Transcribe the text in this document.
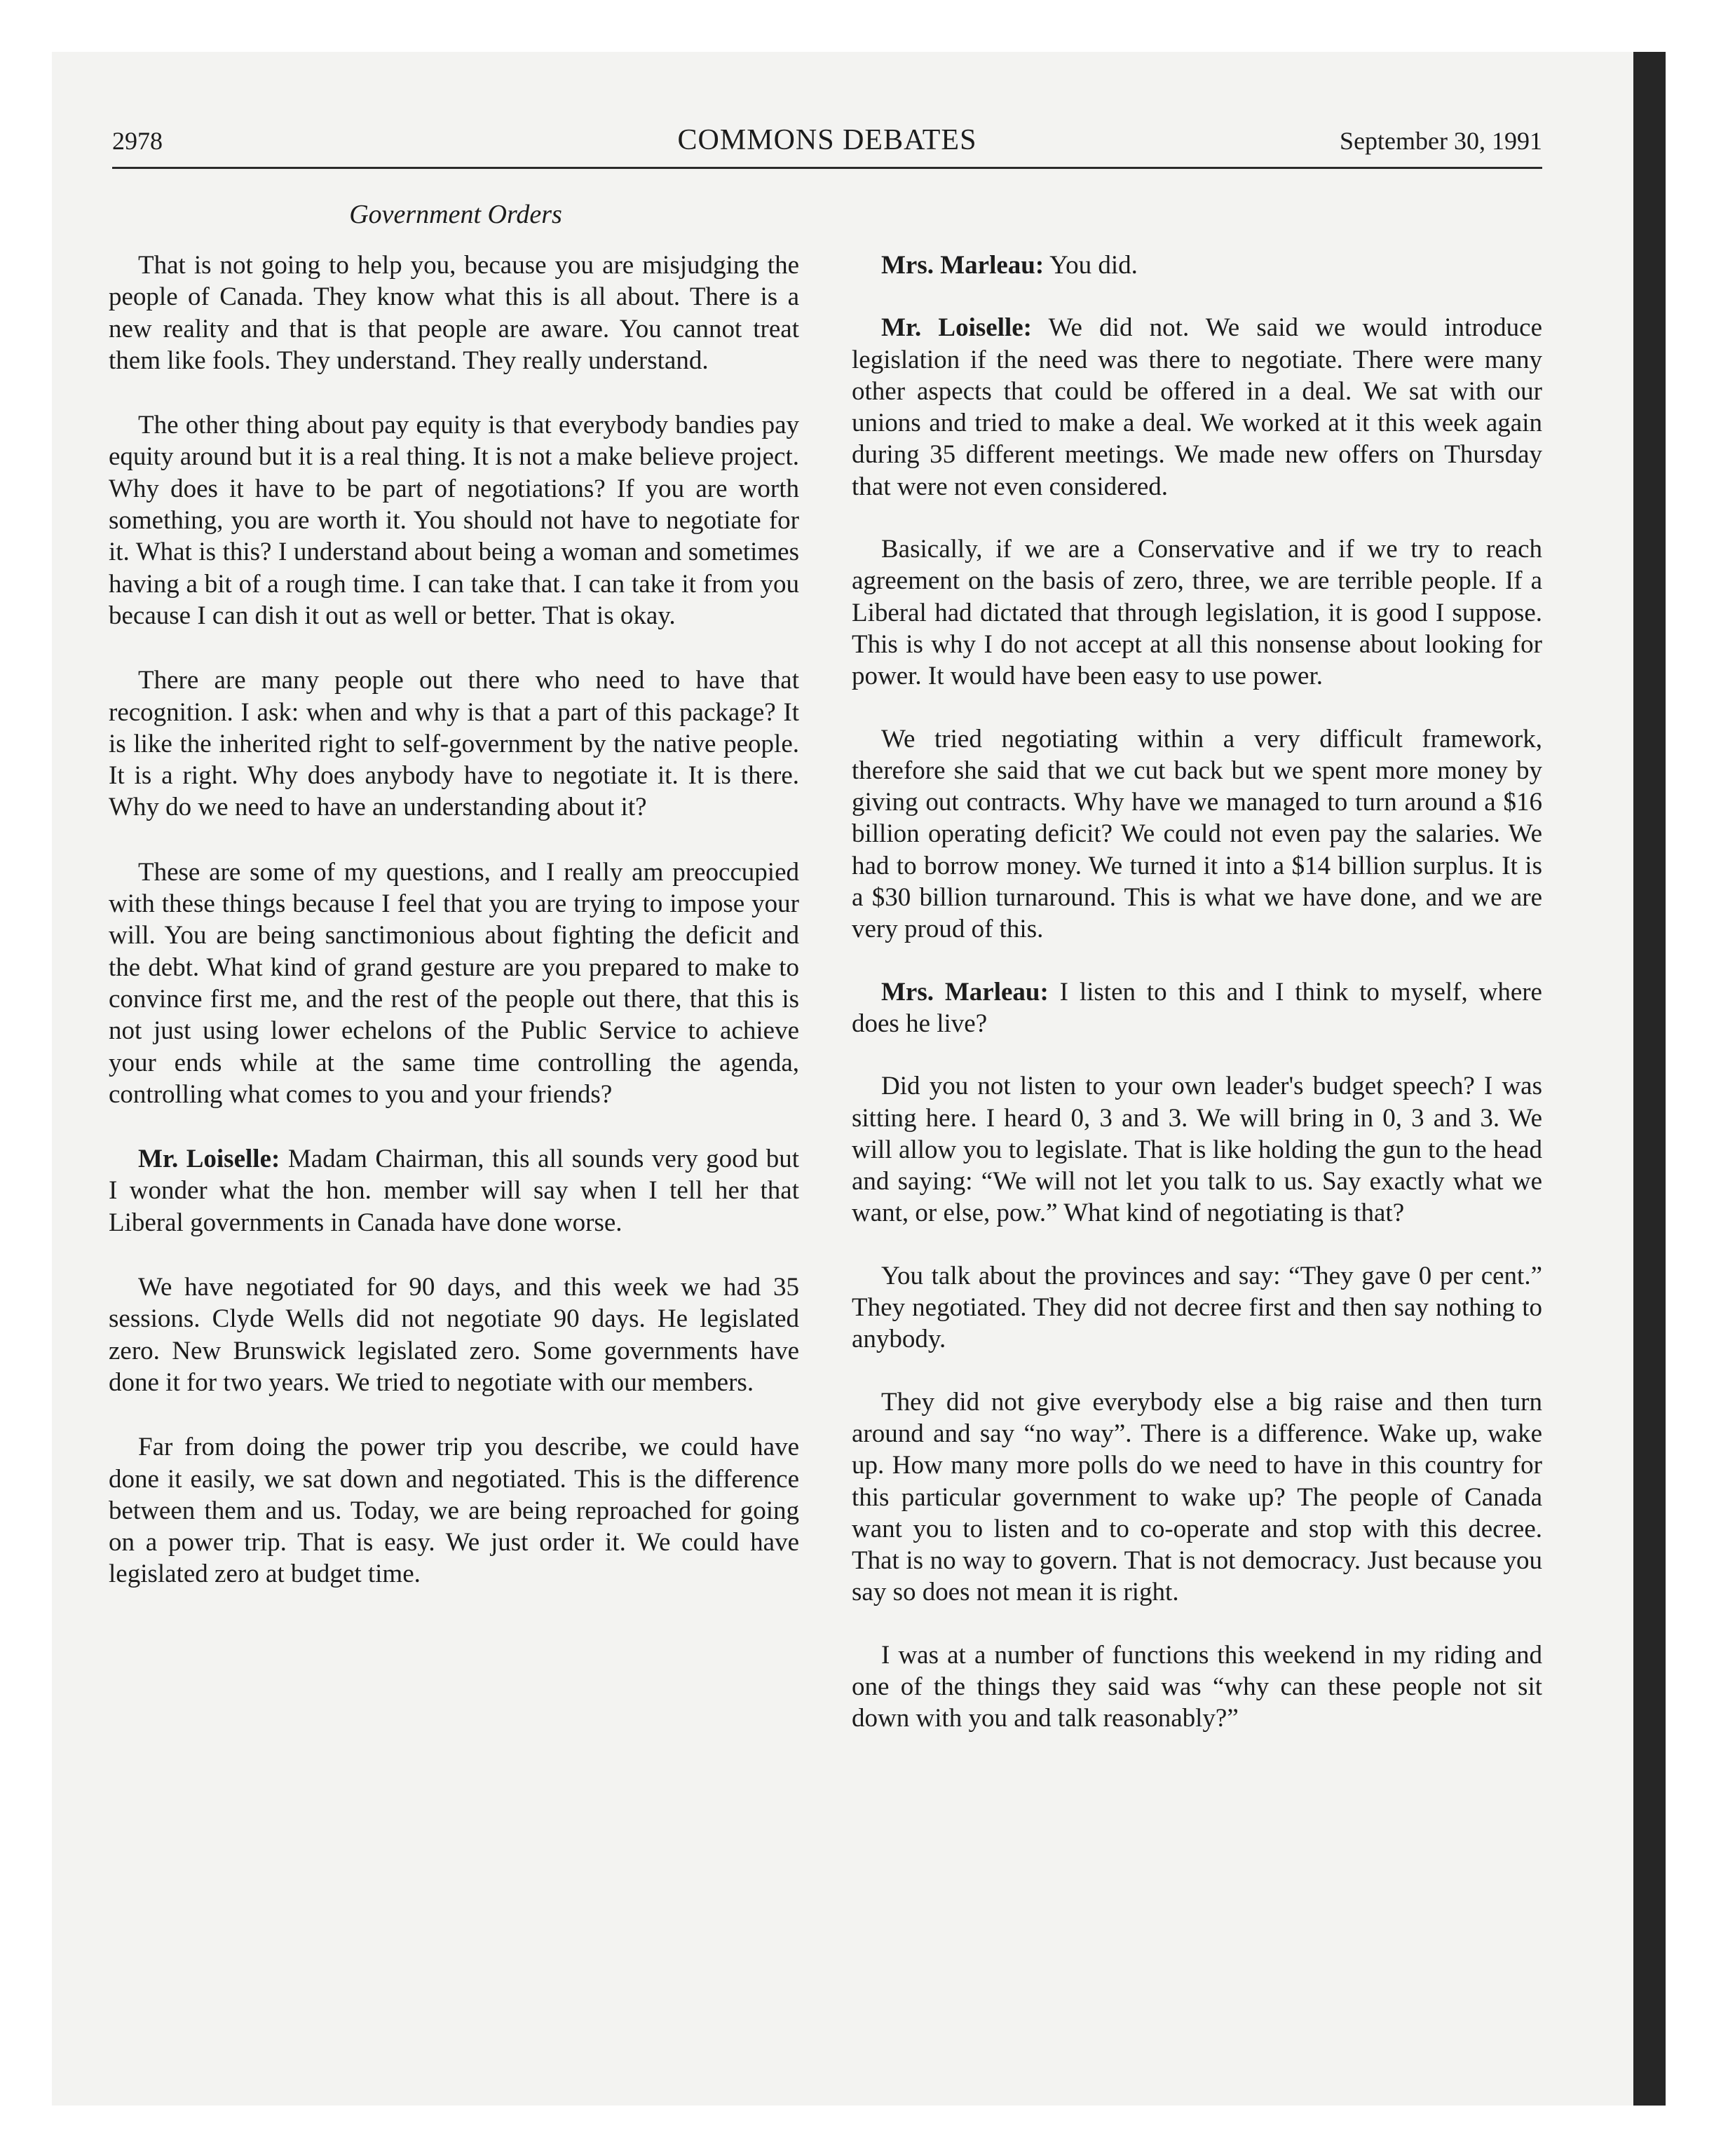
2978	COMMONS DEBATES	September 30, 1991
Government Orders

That is not going to help you, because you are misjudging the people of Canada. They know what this is all about. There is a new reality and that is that people are aware. You cannot treat them like fools. They understand. They really understand.

The other thing about pay equity is that everybody bandies pay equity around but it is a real thing. It is not a make believe project. Why does it have to be part of negotiations? If you are worth something, you are worth it. You should not have to negotiate for it. What is this? I understand about being a woman and sometimes having a bit of a rough time. I can take that. I can take it from you because I can dish it out as well or better. That is okay.

There are many people out there who need to have that recognition. I ask: when and why is that a part of this package? It is like the inherited right to self-government by the native people. It is a right. Why does anybody have to negotiate it. It is there. Why do we need to have an understanding about it?

These are some of my questions, and I really am preoccupied with these things because I feel that you are trying to impose your will. You are being sanctimonious about fighting the deficit and the debt. What kind of grand gesture are you prepared to make to convince first me, and the rest of the people out there, that this is not just using lower echelons of the Public Service to achieve your ends while at the same time controlling the agenda, controlling what comes to you and your friends?

Mr. Loiselle: Madam Chairman, this all sounds very good but I wonder what the hon. member will say when I tell her that Liberal governments in Canada have done worse.

We have negotiated for 90 days, and this week we had 35 sessions. Clyde Wells did not negotiate 90 days. He legislated zero. New Brunswick legislated zero. Some governments have done it for two years. We tried to negotiate with our members.

Far from doing the power trip you describe, we could have done it easily, we sat down and negotiated. This is the difference between them and us. Today, we are being reproached for going on a power trip. That is easy. We just order it. We could have legislated zero at budget time.

Mrs. Marleau: You did.

Mr. Loiselle: We did not. We said we would introduce legislation if the need was there to negotiate. There were many other aspects that could be offered in a deal. We sat with our unions and tried to make a deal. We worked at it this week again during 35 different meetings. We made new offers on Thursday that were not even considered.

Basically, if we are a Conservative and if we try to reach agreement on the basis of zero, three, we are terrible people. If a Liberal had dictated that through legislation, it is good I suppose. This is why I do not accept at all this nonsense about looking for power. It would have been easy to use power.

We tried negotiating within a very difficult framework, therefore she said that we cut back but we spent more money by giving out contracts. Why have we managed to turn around a $16 billion operating deficit? We could not even pay the salaries. We had to borrow money. We turned it into a $14 billion surplus. It is a $30 billion turnaround. This is what we have done, and we are very proud of this.

Mrs. Marleau: I listen to this and I think to myself, where does he live?

Did you not listen to your own leader's budget speech? I was sitting here. I heard 0, 3 and 3. We will bring in 0, 3 and 3. We will allow you to legislate. That is like holding the gun to the head and saying: “We will not let you talk to us. Say exactly what we want, or else, pow.” What kind of negotiating is that?

You talk about the provinces and say: “They gave 0 per cent.” They negotiated. They did not decree first and then say nothing to anybody.

They did not give everybody else a big raise and then turn around and say “no way”. There is a difference. Wake up, wake up. How many more polls do we need to have in this country for this particular government to wake up? The people of Canada want you to listen and to co-operate and stop with this decree. That is no way to govern. That is not democracy. Just because you say so does not mean it is right.

I was at a number of functions this weekend in my riding and one of the things they said was “why can these people not sit down with you and talk reasonably?”
